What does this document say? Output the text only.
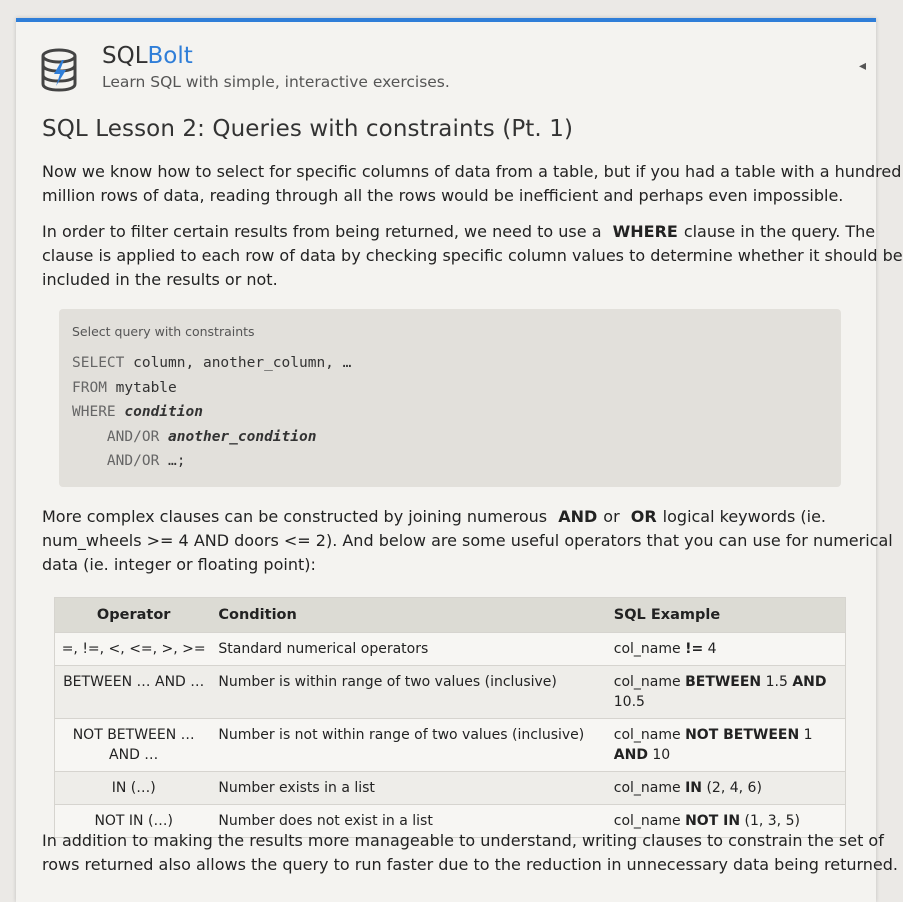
SQLBolt
Learn SQL with simple, interactive exercises.
◂
SQL Lesson 2: Queries with constraints (Pt. 1)

Now we know how to select for specific columns of data from a table, but if you had a table with a hundred
million rows of data, reading through all the rows would be inefficient and perhaps even impossible.

In order to filter certain results from being returned, we need to use a WHERE clause in the query. The
clause is applied to each row of data by checking specific column values to determine whether it should be
included in the results or not.

Select query with constraints
SELECT column, another_column, …
FROM mytable
WHERE condition
AND/OR another_condition
AND/OR …;

More complex clauses can be constructed by joining numerous AND or OR logical keywords (ie.
num_wheels >= 4 AND doors <= 2). And below are some useful operators that you can use for numerical
data (ie. integer or floating point):

Operator	Condition	SQL Example
=, !=, <, <=, >, >=	Standard numerical operators	col_name != 4
BETWEEN … AND …	Number is within range of two values (inclusive)	col_name BETWEEN 1.5 AND 10.5
NOT BETWEEN … AND …	Number is not within range of two values (inclusive)	col_name NOT BETWEEN 1 AND 10
IN (…)	Number exists in a list	col_name IN (2, 4, 6)
NOT IN (…)	Number does not exist in a list	col_name NOT IN (1, 3, 5)

In addition to making the results more manageable to understand, writing clauses to constrain the set of
rows returned also allows the query to run faster due to the reduction in unnecessary data being returned.
